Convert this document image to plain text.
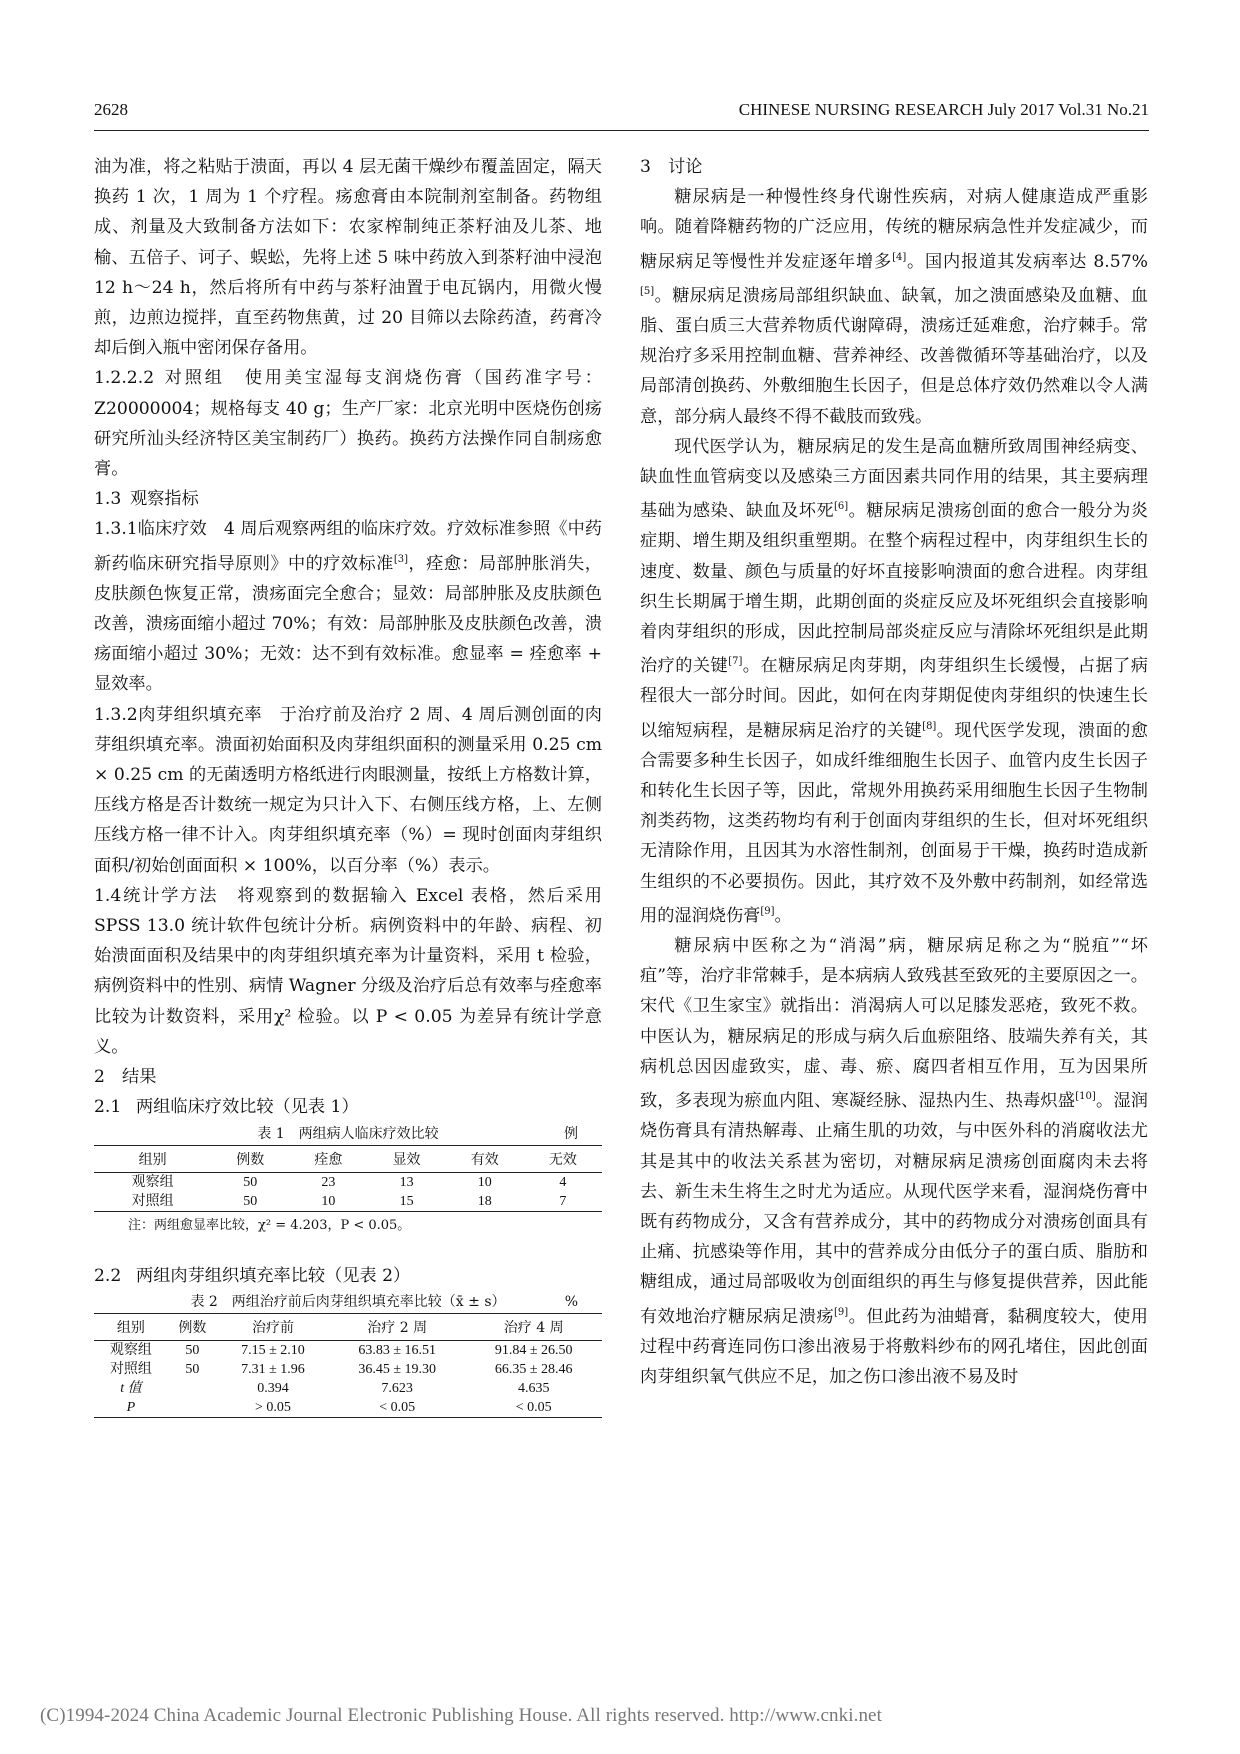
2628	CHINESE NURSING RESEARCH July 2017 Vol.31 No.21

油为准，将之粘贴于溃面，再以 4 层无菌干燥纱布覆盖固定，隔天换药 1 次，1 周为 1 个疗程。疡愈膏由本院制剂室制备。药物组成、剂量及大致制备方法如下：农家榨制纯正茶籽油及儿茶、地榆、五倍子、诃子、蜈蚣，先将上述 5 味中药放入到茶籽油中浸泡 12 h～24 h，然后将所有中药与茶籽油置于电瓦锅内，用微火慢煎，边煎边搅拌，直至药物焦黄，过 20 目筛以去除药渣，药膏冷却后倒入瓶中密闭保存备用。

1.2.2.2 对照组　 使用美宝湿每支润烧伤膏（国药准字号：Z20000004；规格每支 40 g；生产厂家：北京光明中医烧伤创疡研究所汕头经济特区美宝制药厂）换药。换药方法操作同自制疡愈膏。

1.3 观察指标

1.3.1临床疗效　 4 周后观察两组的临床疗效。疗效标准参照《中药新药临床研究指导原则》中的疗效标准[3]，痊愈：局部肿胀消失，皮肤颜色恢复正常，溃疡面完全愈合；显效：局部肿胀及皮肤颜色改善，溃疡面缩小超过 70%；有效：局部肿胀及皮肤颜色改善，溃疡面缩小超过 30%；无效：达不到有效标准。愈显率 = 痊愈率 + 显效率。

1.3.2肉芽组织填充率　 于治疗前及治疗 2 周、4 周后测创面的肉芽组织填充率。溃面初始面积及肉芽组织面积的测量采用 0.25 cm × 0.25 cm 的无菌透明方格纸进行肉眼测量，按纸上方格数计算，压线方格是否计数统一规定为只计入下、右侧压线方格，上、左侧压线方格一律不计入。肉芽组织填充率（%）= 现时创面肉芽组织面积/初始创面面积 × 100%，以百分率（%）表示。

1.4统计学方法　 将观察到的数据输入 Excel 表格，然后采用 SPSS 13.0 统计软件包统计分析。病例资料中的年龄、病程、初始溃面面积及结果中的肉芽组织填充率为计量资料，采用 t 检验，病例资料中的性别、病情 Wagner 分级及治疗后总有效率与痊愈率比较为计数资料，采用χ² 检验。以 P < 0.05 为差异有统计学意义。

2 结果

2.1 两组临床疗效比较（见表 1）

表 1　两组病人临床疗效比较	例

组别	例数	痊愈	显效	有效	无效
观察组	50	23	13	10	4
对照组	50	10	15	18	7

注：两组愈显率比较，χ² = 4.203，P < 0.05。

2.2 两组肉芽组织填充率比较（见表 2）

表 2　两组治疗前后肉芽组织填充率比较（x̄ ± s）	%

组别	例数	治疗前	治疗 2 周	治疗 4 周
观察组	50	7.15 ± 2.10	63.83 ± 16.51	91.84 ± 26.50
对照组	50	7.31 ± 1.96	36.45 ± 19.30	66.35 ± 28.46
t 值		0.394	7.623	4.635
P		> 0.05	< 0.05	< 0.05

3 讨论

糖尿病是一种慢性终身代谢性疾病，对病人健康造成严重影响。随着降糖药物的广泛应用，传统的糖尿病急性并发症减少，而糖尿病足等慢性并发症逐年增多[4]。国内报道其发病率达 8.57%[5]。糖尿病足溃疡局部组织缺血、缺氧，加之溃面感染及血糖、血脂、蛋白质三大营养物质代谢障碍，溃疡迁延难愈，治疗棘手。常规治疗多采用控制血糖、营养神经、改善微循环等基础治疗，以及局部清创换药、外敷细胞生长因子，但是总体疗效仍然难以令人满意，部分病人最终不得不截肢而致残。

现代医学认为，糖尿病足的发生是高血糖所致周围神经病变、缺血性血管病变以及感染三方面因素共同作用的结果，其主要病理基础为感染、缺血及坏死[6]。糖尿病足溃疡创面的愈合一般分为炎症期、增生期及组织重塑期。在整个病程过程中，肉芽组织生长的速度、数量、颜色与质量的好坏直接影响溃面的愈合进程。肉芽组织生长期属于增生期，此期创面的炎症反应及坏死组织会直接影响着肉芽组织的形成，因此控制局部炎症反应与清除坏死组织是此期治疗的关键[7]。在糖尿病足肉芽期，肉芽组织生长缓慢，占据了病程很大一部分时间。因此，如何在肉芽期促使肉芽组织的快速生长以缩短病程，是糖尿病足治疗的关键[8]。现代医学发现，溃面的愈合需要多种生长因子，如成纤维细胞生长因子、血管内皮生长因子和转化生长因子等，因此，常规外用换药采用细胞生长因子生物制剂类药物，这类药物均有利于创面肉芽组织的生长，但对坏死组织无清除作用，且因其为水溶性制剂，创面易于干燥，换药时造成新生组织的不必要损伤。因此，其疗效不及外敷中药制剂，如经常选用的湿润烧伤膏[9]。

糖尿病中医称之为“消渴”病，糖尿病足称之为“脱疽”“坏疽”等，治疗非常棘手，是本病病人致残甚至致死的主要原因之一。宋代《卫生家宝》就指出：消渴病人可以足膝发恶疮，致死不救。中医认为，糖尿病足的形成与病久后血瘀阻络、肢端失养有关，其病机总因因虚致实，虚、毒、瘀、腐四者相互作用，互为因果所致，多表现为瘀血内阻、寒凝经脉、湿热内生、热毒炽盛[10]。湿润烧伤膏具有清热解毒、止痛生肌的功效，与中医外科的消腐收法尤其是其中的收法关系甚为密切，对糖尿病足溃疡创面腐肉未去将去、新生未生将生之时尤为适应。从现代医学来看，湿润烧伤膏中既有药物成分，又含有营养成分，其中的药物成分对溃疡创面具有止痛、抗感染等作用，其中的营养成分由低分子的蛋白质、脂肪和糖组成，通过局部吸收为创面组织的再生与修复提供营养，因此能有效地治疗糖尿病足溃疡[9]。但此药为油蜡膏，黏稠度较大，使用过程中药膏连同伤口渗出液易于将敷料纱布的网孔堵住，因此创面肉芽组织氧气供应不足，加之伤口渗出液不易及时

(C)1994-2024 China Academic Journal Electronic Publishing House. All rights reserved. http://www.cnki.net
